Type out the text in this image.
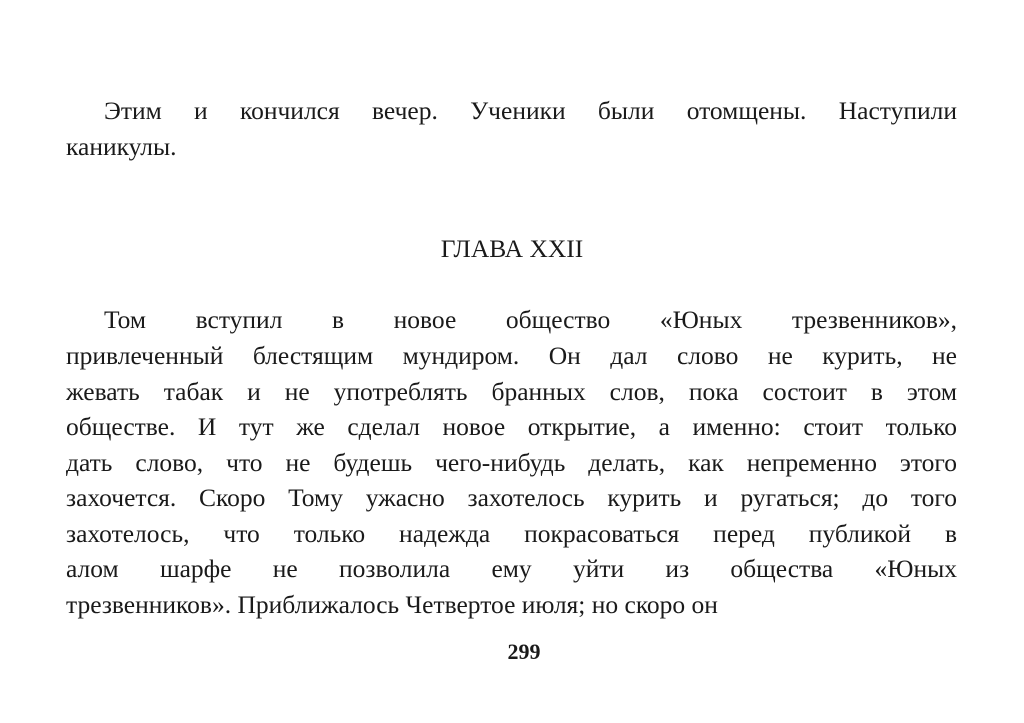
Этим и кончился вечер. Ученики были отомщены. Наступили
каникулы.
ГЛАВА XXII
Том вступил в новое общество «Юных трезвенников»,
привлеченный блестящим мундиром. Он дал слово не курить, не
жевать табак и не употреблять бранных слов, пока состоит в этом
обществе. И тут же сделал новое открытие, а именно: стоит только
дать слово, что не будешь чего-нибудь делать, как непременно этого
захочется. Скоро Тому ужасно захотелось курить и ругаться; до того
захотелось, что только надежда покрасоваться перед публикой в
алом шарфе не позволила ему уйти из общества «Юных
трезвенников». Приближалось Четвертое июля; но скоро он
299
